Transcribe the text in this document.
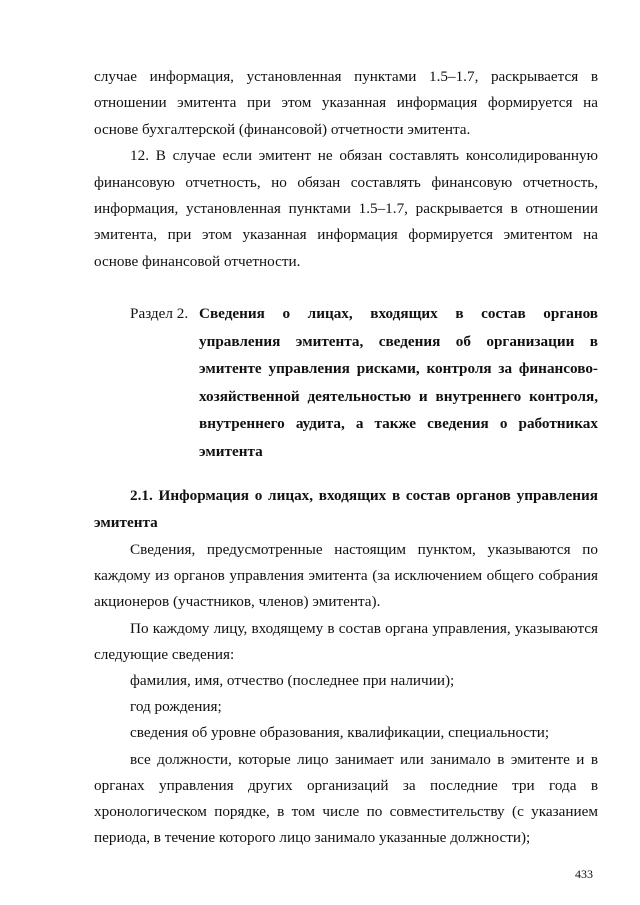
случае информация, установленная пунктами 1.5–1.7, раскрывается в отношении эмитента при этом указанная информация формируется на основе бухгалтерской (финансовой) отчетности эмитента.

12. В случае если эмитент не обязан составлять консолидированную финансовую отчетность, но обязан составлять финансовую отчетность, информация, установленная пунктами 1.5–1.7, раскрывается в отношении эмитента, при этом указанная информация формируется эмитентом на основе финансовой отчетности.

Раздел 2. Сведения о лицах, входящих в состав органов управления эмитента, сведения об организации в эмитенте управления рисками, контроля за финансово-хозяйственной деятельностью и внутреннего контроля, внутреннего аудита, а также сведения о работниках эмитента
2.1. Информация о лицах, входящих в состав органов управления эмитента

Сведения, предусмотренные настоящим пунктом, указываются по каждому из органов управления эмитента (за исключением общего собрания акционеров (участников, членов) эмитента).

По каждому лицу, входящему в состав органа управления, указываются следующие сведения:

фамилия, имя, отчество (последнее при наличии);

год рождения;

сведения об уровне образования, квалификации, специальности;

все должности, которые лицо занимает или занимало в эмитенте и в органах управления других организаций за последние три года в хронологическом порядке, в том числе по совместительству (с указанием периода, в течение которого лицо занимало указанные должности);

433
